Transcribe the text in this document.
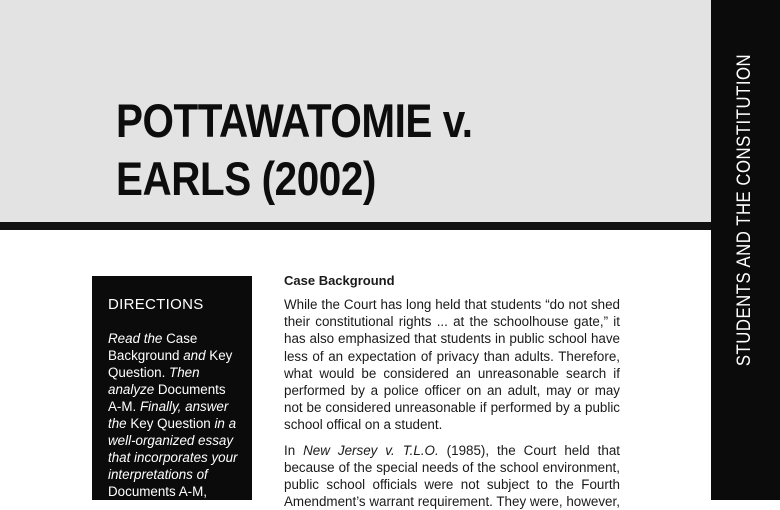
POTTAWATOMIE v.
EARLS (2002)	STUDENTS AND THE CONSTITUTION
DIRECTIONS

Read the Case Background and Key Question. Then analyze Documents A-M. Finally, answer the Key Question in a well-organized essay that incorporates your interpretations of Documents A-M,

Case Background

While the Court has long held that students “do not shed their constitutional rights ... at the schoolhouse gate,” it has also emphasized that students in public school have less of an expectation of privacy than adults. Therefore, what would be considered an unreasonable search if performed by a police officer on an adult, may or may not be considered unreasonable if performed by a public school offical on a student.

In New Jersey v. T.L.O. (1985), the Court held that because of the special needs of the school environment, public school officials were not subject to the Fourth Amendment’s warrant requirement. They were, however,
